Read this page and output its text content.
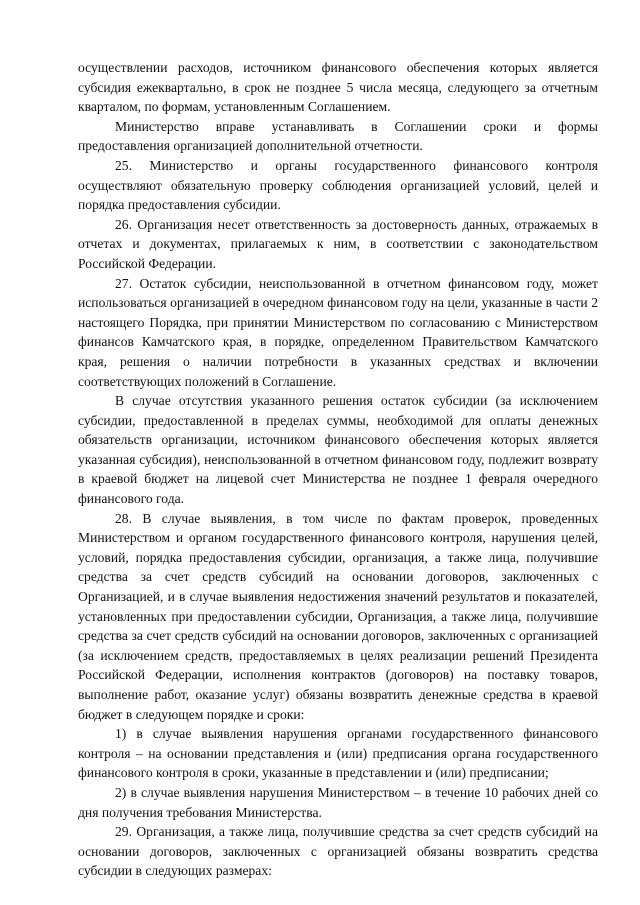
осуществлении расходов, источником финансового обеспечения которых является субсидия ежеквартально, в срок не позднее 5 числа месяца, следующего за отчетным кварталом, по формам, установленным Соглашением.

Министерство вправе устанавливать в Соглашении сроки и формы предоставления организацией дополнительной отчетности.

25. Министерство и органы государственного финансового контроля осуществляют обязательную проверку соблюдения организацией условий, целей и порядка предоставления субсидии.

26. Организация несет ответственность за достоверность данных, отражаемых в отчетах и документах, прилагаемых к ним, в соответствии с законодательством Российской Федерации.

27. Остаток субсидии, неиспользованной в отчетном финансовом году, может использоваться организацией в очередном финансовом году на цели, указанные в части 2 настоящего Порядка, при принятии Министерством по согласованию с Министерством финансов Камчатского края, в порядке, определенном Правительством Камчатского края, решения о наличии потребности в указанных средствах и включении соответствующих положений в Соглашение.

В случае отсутствия указанного решения остаток субсидии (за исключением субсидии, предоставленной в пределах суммы, необходимой для оплаты денежных обязательств организации, источником финансового обеспечения которых является указанная субсидия), неиспользованной в отчетном финансовом году, подлежит возврату в краевой бюджет на лицевой счет Министерства не позднее 1 февраля очередного финансового года.

28. В случае выявления, в том числе по фактам проверок, проведенных Министерством и органом государственного финансового контроля, нарушения целей, условий, порядка предоставления субсидии, организация, а также лица, получившие средства за счет средств субсидий на основании договоров, заключенных с Организацией, и в случае выявления недостижения значений результатов и показателей, установленных при предоставлении субсидии, Организация, а также лица, получившие средства за счет средств субсидий на основании договоров, заключенных с организацией (за исключением средств, предоставляемых в целях реализации решений Президента Российской Федерации, исполнения контрактов (договоров) на поставку товаров, выполнение работ, оказание услуг) обязаны возвратить денежные средства в краевой бюджет в следующем порядке и сроки:

1) в случае выявления нарушения органами государственного финансового контроля – на основании представления и (или) предписания органа государственного финансового контроля в сроки, указанные в представлении и (или) предписании;

2) в случае выявления нарушения Министерством – в течение 10 рабочих дней со дня получения требования Министерства.

29. Организация, а также лица, получившие средства за счет средств субсидий на основании договоров, заключенных с организацией обязаны возвратить средства субсидии в следующих размерах:
